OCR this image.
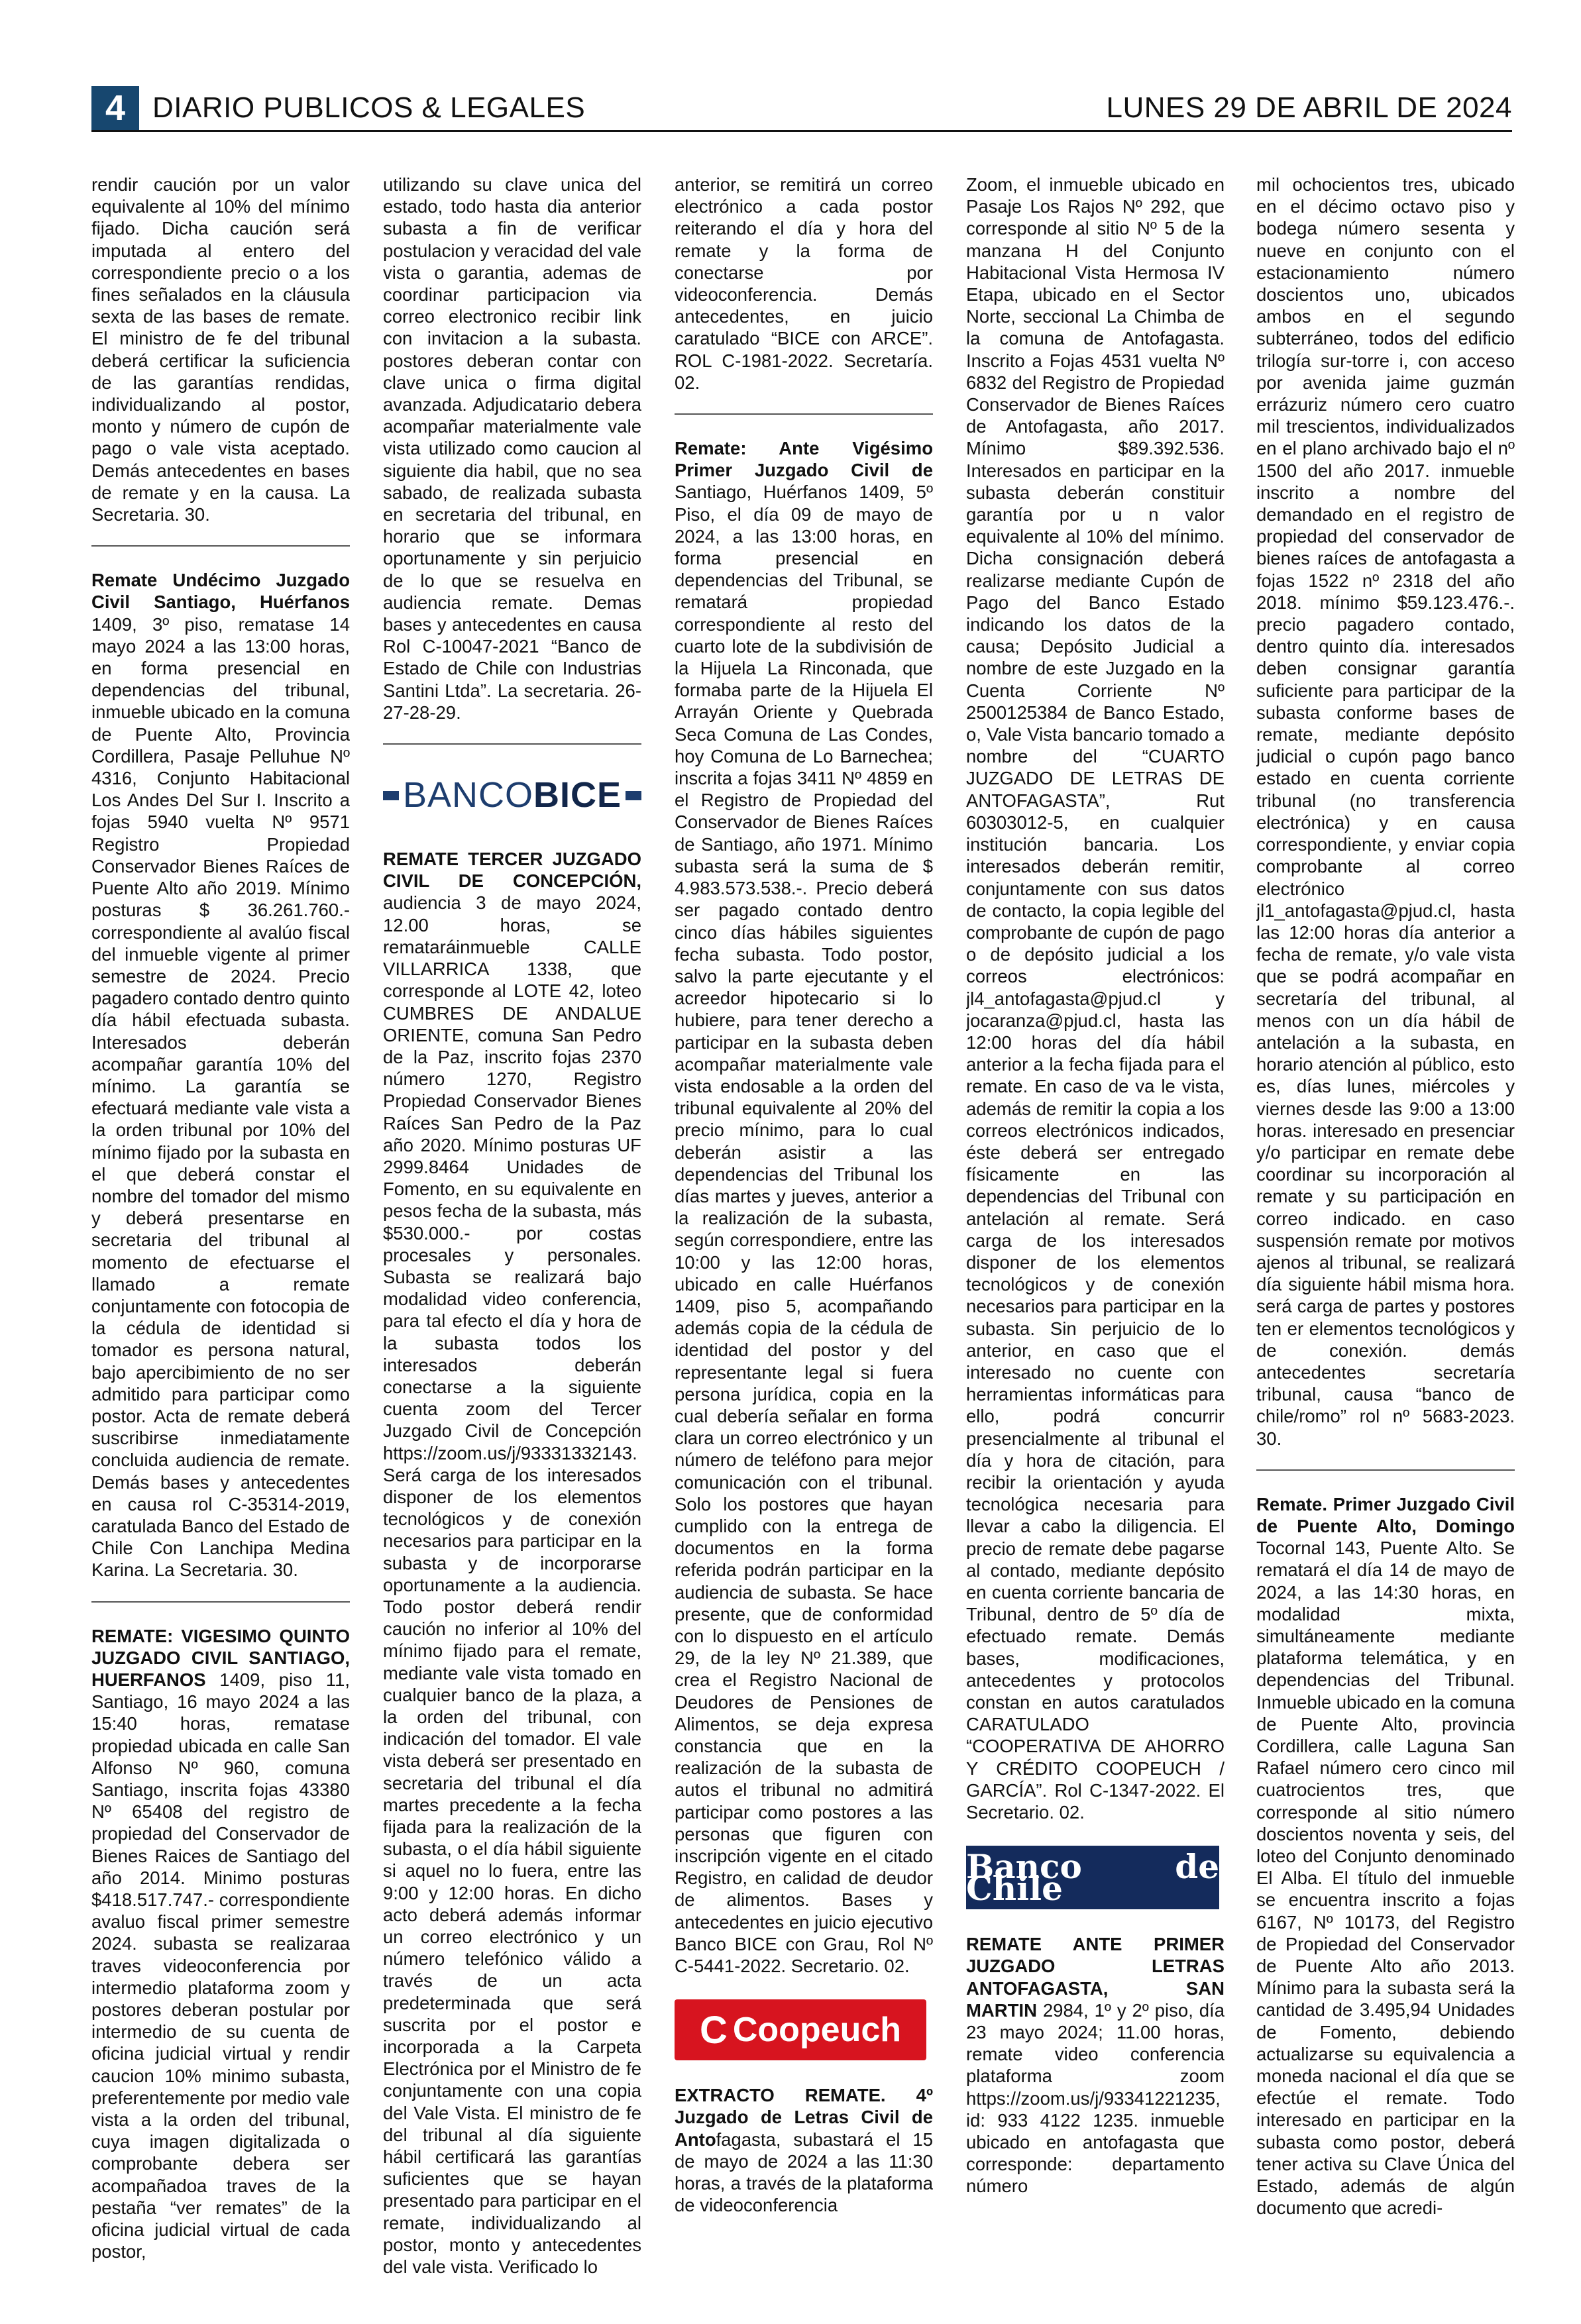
4 DIARIO PUBLICOS & LEGALES	LUNES 29 DE ABRIL DE 2024

rendir caución por un valor equivalente al 10% del mínimo fijado. Dicha caución será imputada al entero del correspondiente precio o a los fines señalados en la cláusula sexta de las bases de remate. El ministro de fe del tribunal deberá certificar la suficiencia de las garantías rendidas, individualizando al postor, monto y número de cupón de pago o vale vista aceptado. Demás antecedentes en bases de remate y en la causa. La Secretaria. 30.

Remate Undécimo Juzgado Civil Santiago, Huérfanos 1409, 3º piso, rematase 14 mayo 2024 a las 13:00 horas, en forma presencial en dependencias del tribunal, inmueble ubicado en la comuna de Puente Alto, Provincia Cordillera, Pasaje Pelluhue Nº 4316, Conjunto Habitacional Los Andes Del Sur I. Inscrito a fojas 5940 vuelta Nº 9571 Registro Propiedad Conservador Bienes Raíces de Puente Alto año 2019. Mínimo posturas $ 36.261.760.- correspondiente al avalúo fiscal del inmueble vigente al primer semestre de 2024. Precio pagadero contado dentro quinto día hábil efectuada subasta. Interesados deberán acompañar garantía 10% del mínimo. La garantía se efectuará mediante vale vista a la orden tribunal por 10% del mínimo fijado por la subasta en el que deberá constar el nombre del tomador del mismo y deberá presentarse en secretaria del tribunal al momento de efectuarse el llamado a remate conjuntamente con fotocopia de la cédula de identidad si tomador es persona natural, bajo apercibimiento de no ser admitido para participar como postor. Acta de remate deberá suscribirse inmediatamente concluida audiencia de remate. Demás bases y antecedentes en causa rol C-35314-2019, caratulada Banco del Estado de Chile Con Lanchipa Medina Karina. La Secretaria. 30.

REMATE: VIGESIMO QUINTO JUZGADO CIVIL SANTIAGO, HUERFANOS 1409, piso 11, Santiago, 16 mayo 2024 a las 15:40 horas, rematase propiedad ubicada en calle San Alfonso Nº 960, comuna Santiago, inscrita fojas 43380 Nº 65408 del registro de propiedad del Conservador de Bienes Raices de Santiago del año 2014. Minimo posturas $418.517.747.- correspondiente avaluo fiscal primer semestre 2024. subasta se realizaraa traves videoconferencia por intermedio plataforma zoom y postores deberan postular por intermedio de su cuenta de oficina judicial virtual y rendir caucion 10% minimo subasta, preferentemente por medio vale vista a la orden del tribunal, cuya imagen digitalizada o comprobante debera ser acompañadoa traves de la pestaña “ver remates” de la oficina judicial virtual de cada postor,

utilizando su clave unica del estado, todo hasta dia anterior subasta a fin de verificar postulacion y veracidad del vale vista o garantia, ademas de coordinar participacion via correo electronico recibir link con invitacion a la subasta. postores deberan contar con clave unica o firma digital avanzada. Adjudicatario debera acompañar materialmente vale vista utilizado como caucion al siguiente dia habil, que no sea sabado, de realizada subasta en secretaria del tribunal, en horario que se informara oportunamente y sin perjuicio de lo que se resuelva en audiencia remate. Demas bases y antecedentes en causa Rol C-10047-2021 “Banco de Estado de Chile con Industrias Santini Ltda”. La secretaria. 26-27-28-29.

BANCOBICE

REMATE TERCER JUZGADO CIVIL DE CONCEPCIÓN, audiencia 3 de mayo 2024, 12.00 horas, se remataráinmueble CALLE VILLARRICA 1338, que corresponde al LOTE 42, loteo CUMBRES DE ANDALUE ORIENTE, comuna San Pedro de la Paz, inscrito fojas 2370 número 1270, Registro Propiedad Conservador Bienes Raíces San Pedro de la Paz año 2020. Mínimo posturas UF 2999.8464 Unidades de Fomento, en su equivalente en pesos fecha de la subasta, más $530.000.- por costas procesales y personales. Subasta se realizará bajo modalidad video conferencia, para tal efecto el día y hora de la subasta todos los interesados deberán conectarse a la siguiente cuenta zoom del Tercer Juzgado Civil de Concepción https://zoom.us/j/93331332143. Será carga de los interesados disponer de los elementos tecnológicos y de conexión necesarios para participar en la subasta y de incorporarse oportunamente a la audiencia. Todo postor deberá rendir caución no inferior al 10% del mínimo fijado para el remate, mediante vale vista tomado en cualquier banco de la plaza, a la orden del tribunal, con indicación del tomador. El vale vista deberá ser presentado en secretaria del tribunal el día martes precedente a la fecha fijada para la realización de la subasta, o el día hábil siguiente si aquel no lo fuera, entre las 9:00 y 12:00 horas. En dicho acto deberá además informar un correo electrónico y un número telefónico válido a través de un acta predeterminada que será suscrita por el postor e incorporada a la Carpeta Electrónica por el Ministro de fe conjuntamente con una copia del Vale Vista. El ministro de fe del tribunal al día siguiente hábil certificará las garantías suficientes que se hayan presentado para participar en el remate, individualizando al postor, monto y antecedentes del vale vista. Verificado lo

anterior, se remitirá un correo electrónico a cada postor reiterando el día y hora del remate y la forma de conectarse por videoconferencia. Demás antecedentes, en juicio caratulado “BICE con ARCE”. ROL C-1981-2022. Secretaría. 02.

Remate: Ante Vigésimo Primer Juzgado Civil de Santiago, Huérfanos 1409, 5º Piso, el día 09 de mayo de 2024, a las 13:00 horas, en forma presencial en dependencias del Tribunal, se rematará propiedad correspondiente al resto del cuarto lote de la subdivisión de la Hijuela La Rinconada, que formaba parte de la Hijuela El Arrayán Oriente y Quebrada Seca Comuna de Las Condes, hoy Comuna de Lo Barnechea; inscrita a fojas 3411 Nº 4859 en el Registro de Propiedad del Conservador de Bienes Raíces de Santiago, año 1971. Mínimo subasta será la suma de $ 4.983.573.538.-. Precio deberá ser pagado contado dentro cinco días hábiles siguientes fecha subasta. Todo postor, salvo la parte ejecutante y el acreedor hipotecario si lo hubiere, para tener derecho a participar en la subasta deben acompañar materialmente vale vista endosable a la orden del tribunal equivalente al 20% del precio mínimo, para lo cual deberán asistir a las dependencias del Tribunal los días martes y jueves, anterior a la realización de la subasta, según correspondiere, entre las 10:00 y las 12:00 horas, ubicado en calle Huérfanos 1409, piso 5, acompañando además copia de la cédula de identidad del postor y del representante legal si fuera persona jurídica, copia en la cual debería señalar en forma clara un correo electrónico y un número de teléfono para mejor comunicación con el tribunal. Solo los postores que hayan cumplido con la entrega de documentos en la forma referida podrán participar en la audiencia de subasta. Se hace presente, que de conformidad con lo dispuesto en el artículo 29, de la ley Nº 21.389, que crea el Registro Nacional de Deudores de Pensiones de Alimentos, se deja expresa constancia que en la realización de la subasta de autos el tribunal no admitirá participar como postores a las personas que figuren con inscripción vigente en el citado Registro, en calidad de deudor de alimentos. Bases y antecedentes en juicio ejecutivo Banco BICE con Grau, Rol Nº C-5441-2022. Secretario. 02.

C Coopeuch

EXTRACTO REMATE. 4º Juzgado de Letras Civil de Antofagasta, subastará el 15 de mayo de 2024 a las 11:30 horas, a través de la plataforma de videoconferencia

Zoom, el inmueble ubicado en Pasaje Los Rajos Nº 292, que corresponde al sitio Nº 5 de la manzana H del Conjunto Habitacional Vista Hermosa IV Etapa, ubicado en el Sector Norte, seccional La Chimba de la comuna de Antofagasta. Inscrito a Fojas 4531 vuelta Nº 6832 del Registro de Propiedad Conservador de Bienes Raíces de Antofagasta, año 2017. Mínimo $89.392.536. Interesados en participar en la subasta deberán constituir garantía por u n valor equivalente al 10% del mínimo. Dicha consignación deberá realizarse mediante Cupón de Pago del Banco Estado indicando los datos de la causa; Depósito Judicial a nombre de este Juzgado en la Cuenta Corriente Nº 2500125384 de Banco Estado, o, Vale Vista bancario tomado a nombre del “CUARTO JUZGADO DE LETRAS DE ANTOFAGASTA”, Rut 60303012-5, en cualquier institución bancaria. Los interesados deberán remitir, conjuntamente con sus datos de contacto, la copia legible del comprobante de cupón de pago o de depósito judicial a los correos electrónicos: jl4_antofagasta@pjud.cl y jocaranza@pjud.cl, hasta las 12:00 horas del día hábil anterior a la fecha fijada para el remate. En caso de va le vista, además de remitir la copia a los correos electrónicos indicados, éste deberá ser entregado físicamente en las dependencias del Tribunal con antelación al remate. Será carga de los interesados disponer de los elementos tecnológicos y de conexión necesarios para participar en la subasta. Sin perjuicio de lo anterior, en caso que el interesado no cuente con herramientas informáticas para ello, podrá concurrir presencialmente al tribunal el día y hora de citación, para recibir la orientación y ayuda tecnológica necesaria para llevar a cabo la diligencia. El precio de remate debe pagarse al contado, mediante depósito en cuenta corriente bancaria de Tribunal, dentro de 5º día de efectuado remate. Demás bases, modificaciones, antecedentes y protocolos constan en autos caratulados CARATULADO “COOPERATIVA DE AHORRO Y CRÉDITO COOPEUCH / GARCÍA”. Rol C-1347-2022. El Secretario. 02.

Banco de Chile

REMATE ANTE PRIMER JUZGADO LETRAS ANTOFAGASTA, SAN MARTIN 2984, 1º y 2º piso, día 23 mayo 2024; 11.00 horas, remate video conferencia plataforma zoom https://zoom.us/j/93341221235, id: 933 4122 1235. inmueble ubicado en antofagasta que corresponde: departamento número

mil ochocientos tres, ubicado en el décimo octavo piso y bodega número sesenta y nueve en conjunto con el estacionamiento número doscientos uno, ubicados ambos en el segundo subterráneo, todos del edificio trilogía sur-torre i, con acceso por avenida jaime guzmán errázuriz número cero cuatro mil trescientos, individualizados en el plano archivado bajo el nº 1500 del año 2017. inmueble inscrito a nombre del demandado en el registro de propiedad del conservador de bienes raíces de antofagasta a fojas 1522 nº 2318 del año 2018. mínimo $59.123.476.-. precio pagadero contado, dentro quinto día. interesados deben consignar garantía suficiente para participar de la subasta conforme bases de remate, mediante depósito judicial o cupón pago banco estado en cuenta corriente tribunal (no transferencia electrónica) y en causa correspondiente, y enviar copia comprobante al correo electrónico jl1_antofagasta@pjud.cl, hasta las 12:00 horas día anterior a fecha de remate, y/o vale vista que se podrá acompañar en secretaría del tribunal, al menos con un día hábil de antelación a la subasta, en horario atención al público, esto es, días lunes, miércoles y viernes desde las 9:00 a 13:00 horas. interesado en presenciar y/o participar en remate debe coordinar su incorporación al remate y su participación en correo indicado. en caso suspensión remate por motivos ajenos al tribunal, se realizará día siguiente hábil misma hora. será carga de partes y postores ten er elementos tecnológicos y de conexión. demás antecedentes secretaría tribunal, causa “banco de chile/romo” rol nº 5683-2023. 30.

Remate. Primer Juzgado Civil de Puente Alto, Domingo Tocornal 143, Puente Alto. Se rematará el día 14 de mayo de 2024, a las 14:30 horas, en modalidad mixta, simultáneamente mediante plataforma telemática, y en dependencias del Tribunal. Inmueble ubicado en la comuna de Puente Alto, provincia Cordillera, calle Laguna San Rafael número cero cinco mil cuatrocientos tres, que corresponde al sitio número doscientos noventa y seis, del loteo del Conjunto denominado El Alba. El título del inmueble se encuentra inscrito a fojas 6167, Nº 10173, del Registro de Propiedad del Conservador de Puente Alto año 2013. Mínimo para la subasta será la cantidad de 3.495,94 Unidades de Fomento, debiendo actualizarse su equivalencia a moneda nacional el día que se efectúe el remate. Todo interesado en participar en la subasta como postor, deberá tener activa su Clave Única del Estado, además de algún documento que acredi-
